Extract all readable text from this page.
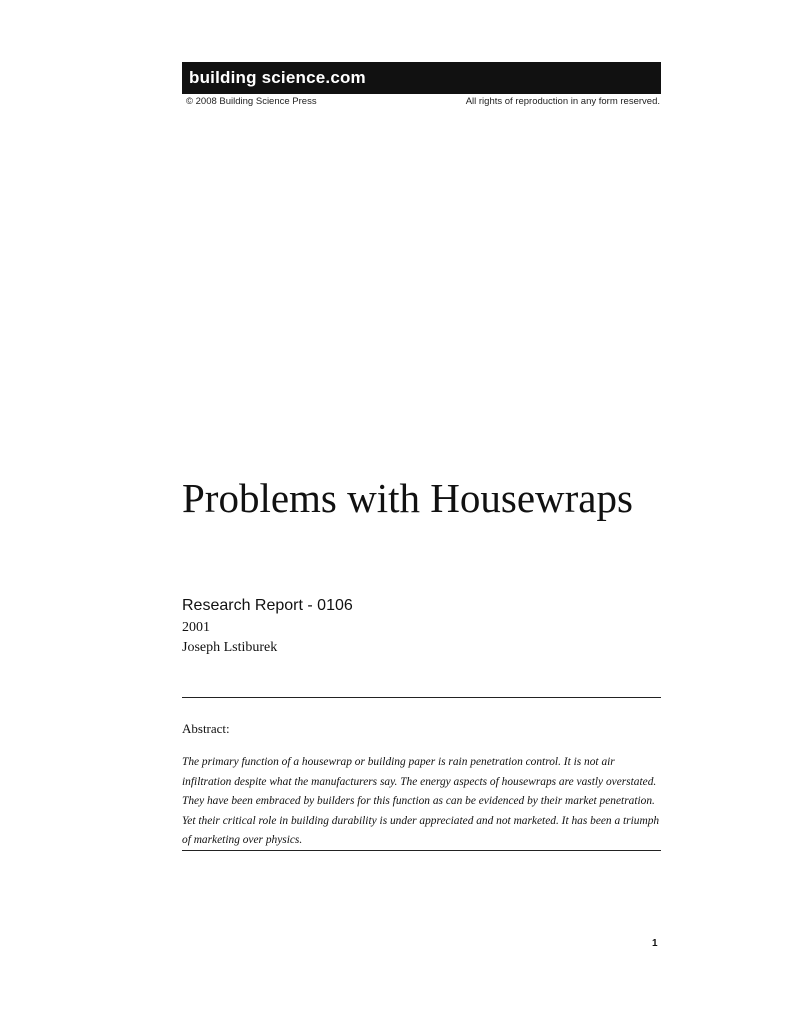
building science.com
© 2008 Building Science Press	All rights of reproduction in any form reserved.
Problems with Housewraps
Research Report - 0106
2001
Joseph Lstiburek
Abstract:

The primary function of a housewrap or building paper is rain penetration control. It is not air infiltration despite what the manufacturers say. The energy aspects of housewraps are vastly overstated. They have been embraced by builders for this function as can be evidenced by their market penetration. Yet their critical role in building durability is under appreciated and not marketed. It has been a triumph of marketing over physics.

1
